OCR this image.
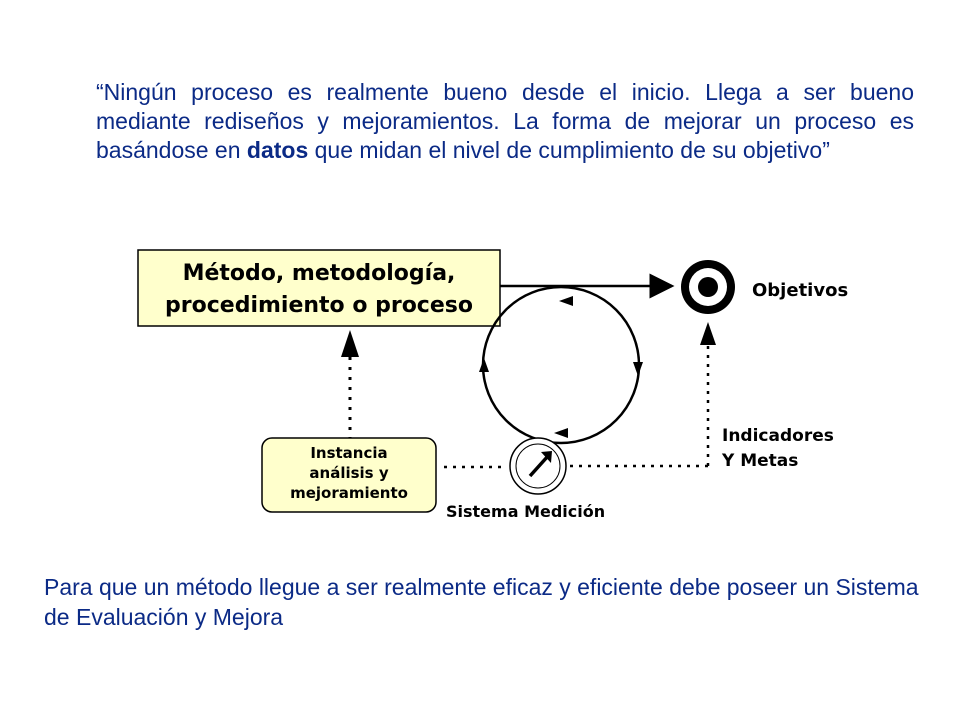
“Ningún proceso es realmente bueno desde el inicio. Llega a ser bueno mediante rediseños y mejoramientos. La forma de mejorar un proceso es basándose en datos que midan el nivel de cumplimiento de su objetivo”
Método, metodología,
procedimiento o proceso
Objetivos
Instancia
análisis y
mejoramiento
Sistema Medición
Indicadores
Y Metas
Para que un método llegue a ser realmente eficaz y eficiente debe poseer un Sistema de Evaluación y Mejora
